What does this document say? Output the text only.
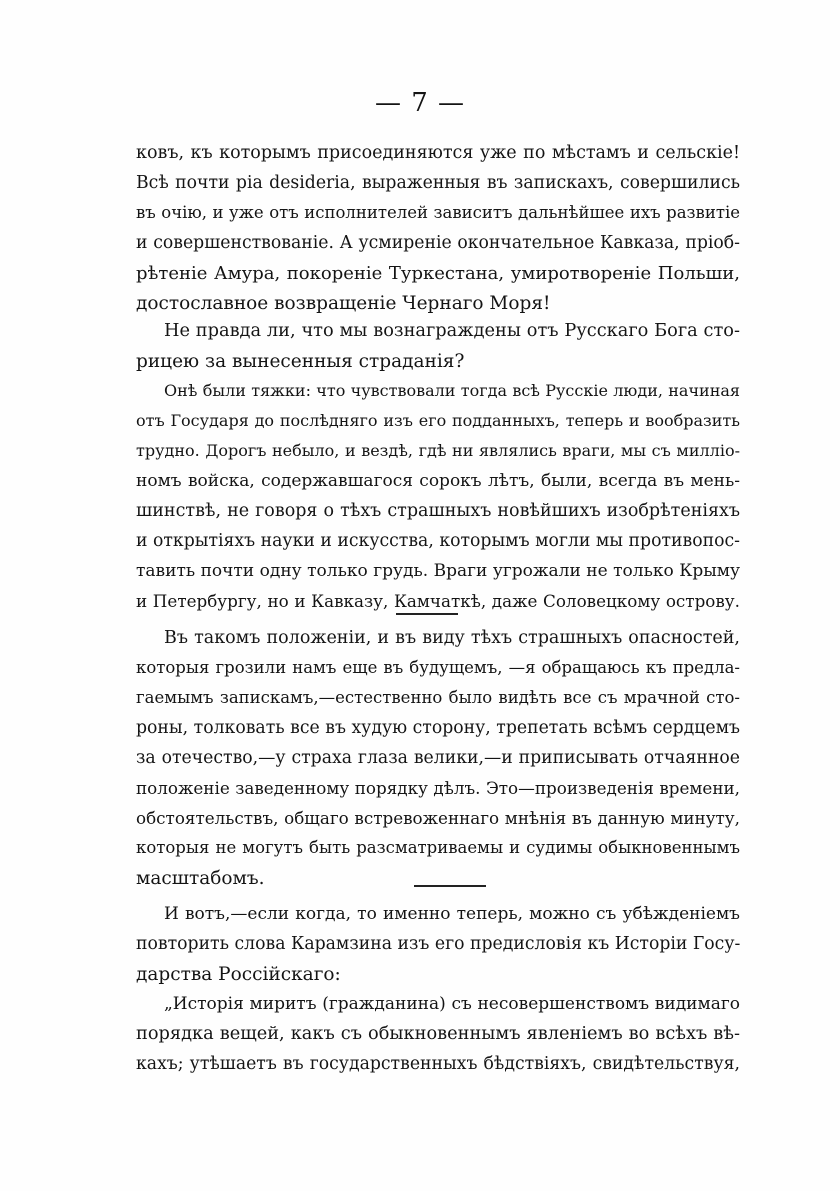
— 7 —
ковъ, къ которымъ присоединяются уже по мѣстамъ и сельскіе!
Всѣ почти pia desideria, выраженныя въ запискахъ, совершились
въ очію, и уже отъ исполнителей зависитъ дальнѣйшее ихъ развитіе
и совершенствованіе. А усмиреніе окончательное Кавказа, пріоб-
рѣтеніе Амура, покореніе Туркестана, умиротвореніе Польши,
достославное возвращеніе Чернаго Моря!
Не правда ли, что мы вознаграждены отъ Русскаго Бога сто-
рицею за вынесенныя страданія?
Онѣ были тяжки: что чувствовали тогда всѣ Русскіе люди, начиная
отъ Государя до послѣдняго изъ его подданныхъ, теперь и вообразить
трудно. Дорогъ небыло, и вездѣ, гдѣ ни являлись враги, мы съ милліо-
номъ войска, содержавшагося сорокъ лѣтъ, были, всегда въ мень-
шинствѣ, не говоря о тѣхъ страшныхъ новѣйшихъ изобрѣтеніяхъ
и открытіяхъ науки и искусства, которымъ могли мы противопос-
тавить почти одну только грудь. Враги угрожали не только Крыму
и Петербургу, но и Кавказу, Камчаткѣ, даже Соловецкому острову.
Въ такомъ положеніи, и въ виду тѣхъ страшныхъ опасностей,
которыя грозили намъ еще въ будущемъ, —я обращаюсь къ предла-
гаемымъ запискамъ,—естественно было видѣть все съ мрачной сто-
роны, толковать все въ худую сторону, трепетать всѣмъ сердцемъ
за отечество,—у страха глаза велики,—и приписывать отчаянное
положеніе заведенному порядку дѣлъ. Это—произведенія времени,
обстоятельствъ, общаго встревоженнаго мнѣнія въ данную минуту,
которыя не могутъ быть разсматриваемы и судимы обыкновеннымъ
масштабомъ.
И вотъ,—если когда, то именно теперь, можно съ убѣжденіемъ
повторить слова Карамзина изъ его предисловія къ Исторіи Госу-
дарства Россійскаго:
„Исторія миритъ (гражданина) съ несовершенствомъ видимаго
порядка вещей, какъ съ обыкновеннымъ явленіемъ во всѣхъ вѣ-
кахъ; утѣшаетъ въ государственныхъ бѣдствіяхъ, свидѣтельствуя,
